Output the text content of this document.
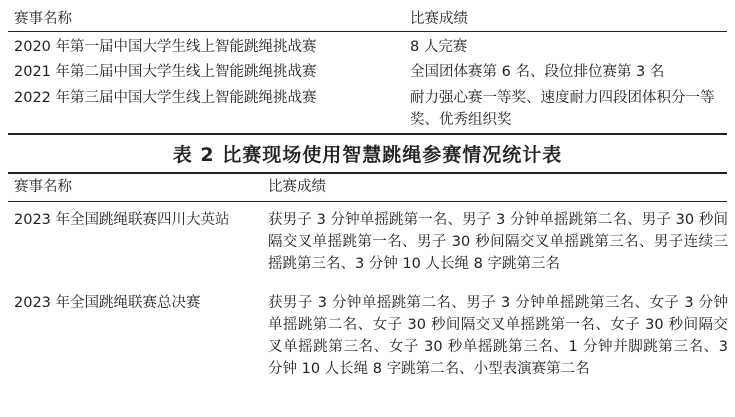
赛事名称	比赛成绩
2020 年第一届中国大学生线上智能跳绳挑战赛	8 人完赛
2021 年第二届中国大学生线上智能跳绳挑战赛	全国团体赛第 6 名、段位排位赛第 3 名
2022 年第三届中国大学生线上智能跳绳挑战赛	耐力强心赛一等奖、速度耐力四段团体积分一等奖、优秀组织奖
表 2 比赛现场使用智慧跳绳参赛情况统计表
赛事名称	比赛成绩
2023 年全国跳绳联赛四川大英站	获男子 3 分钟单摇跳第一名、男子 3 分钟单摇跳第二名、男子 30 秒间隔交叉单摇跳第一名、男子 30 秒间隔交叉单摇跳第三名、男子连续三摇跳第三名、3 分钟 10 人长绳 8 字跳第三名
2023 年全国跳绳联赛总决赛	获男子 3 分钟单摇跳第二名、男子 3 分钟单摇跳第三名、女子 3 分钟单摇跳第二名、女子 30 秒间隔交叉单摇跳第一名、女子 30 秒间隔交叉单摇跳第三名、女子 30 秒单摇跳第三名、1 分钟并脚跳第三名、3 分钟 10 人长绳 8 字跳第二名、小型表演赛第二名
